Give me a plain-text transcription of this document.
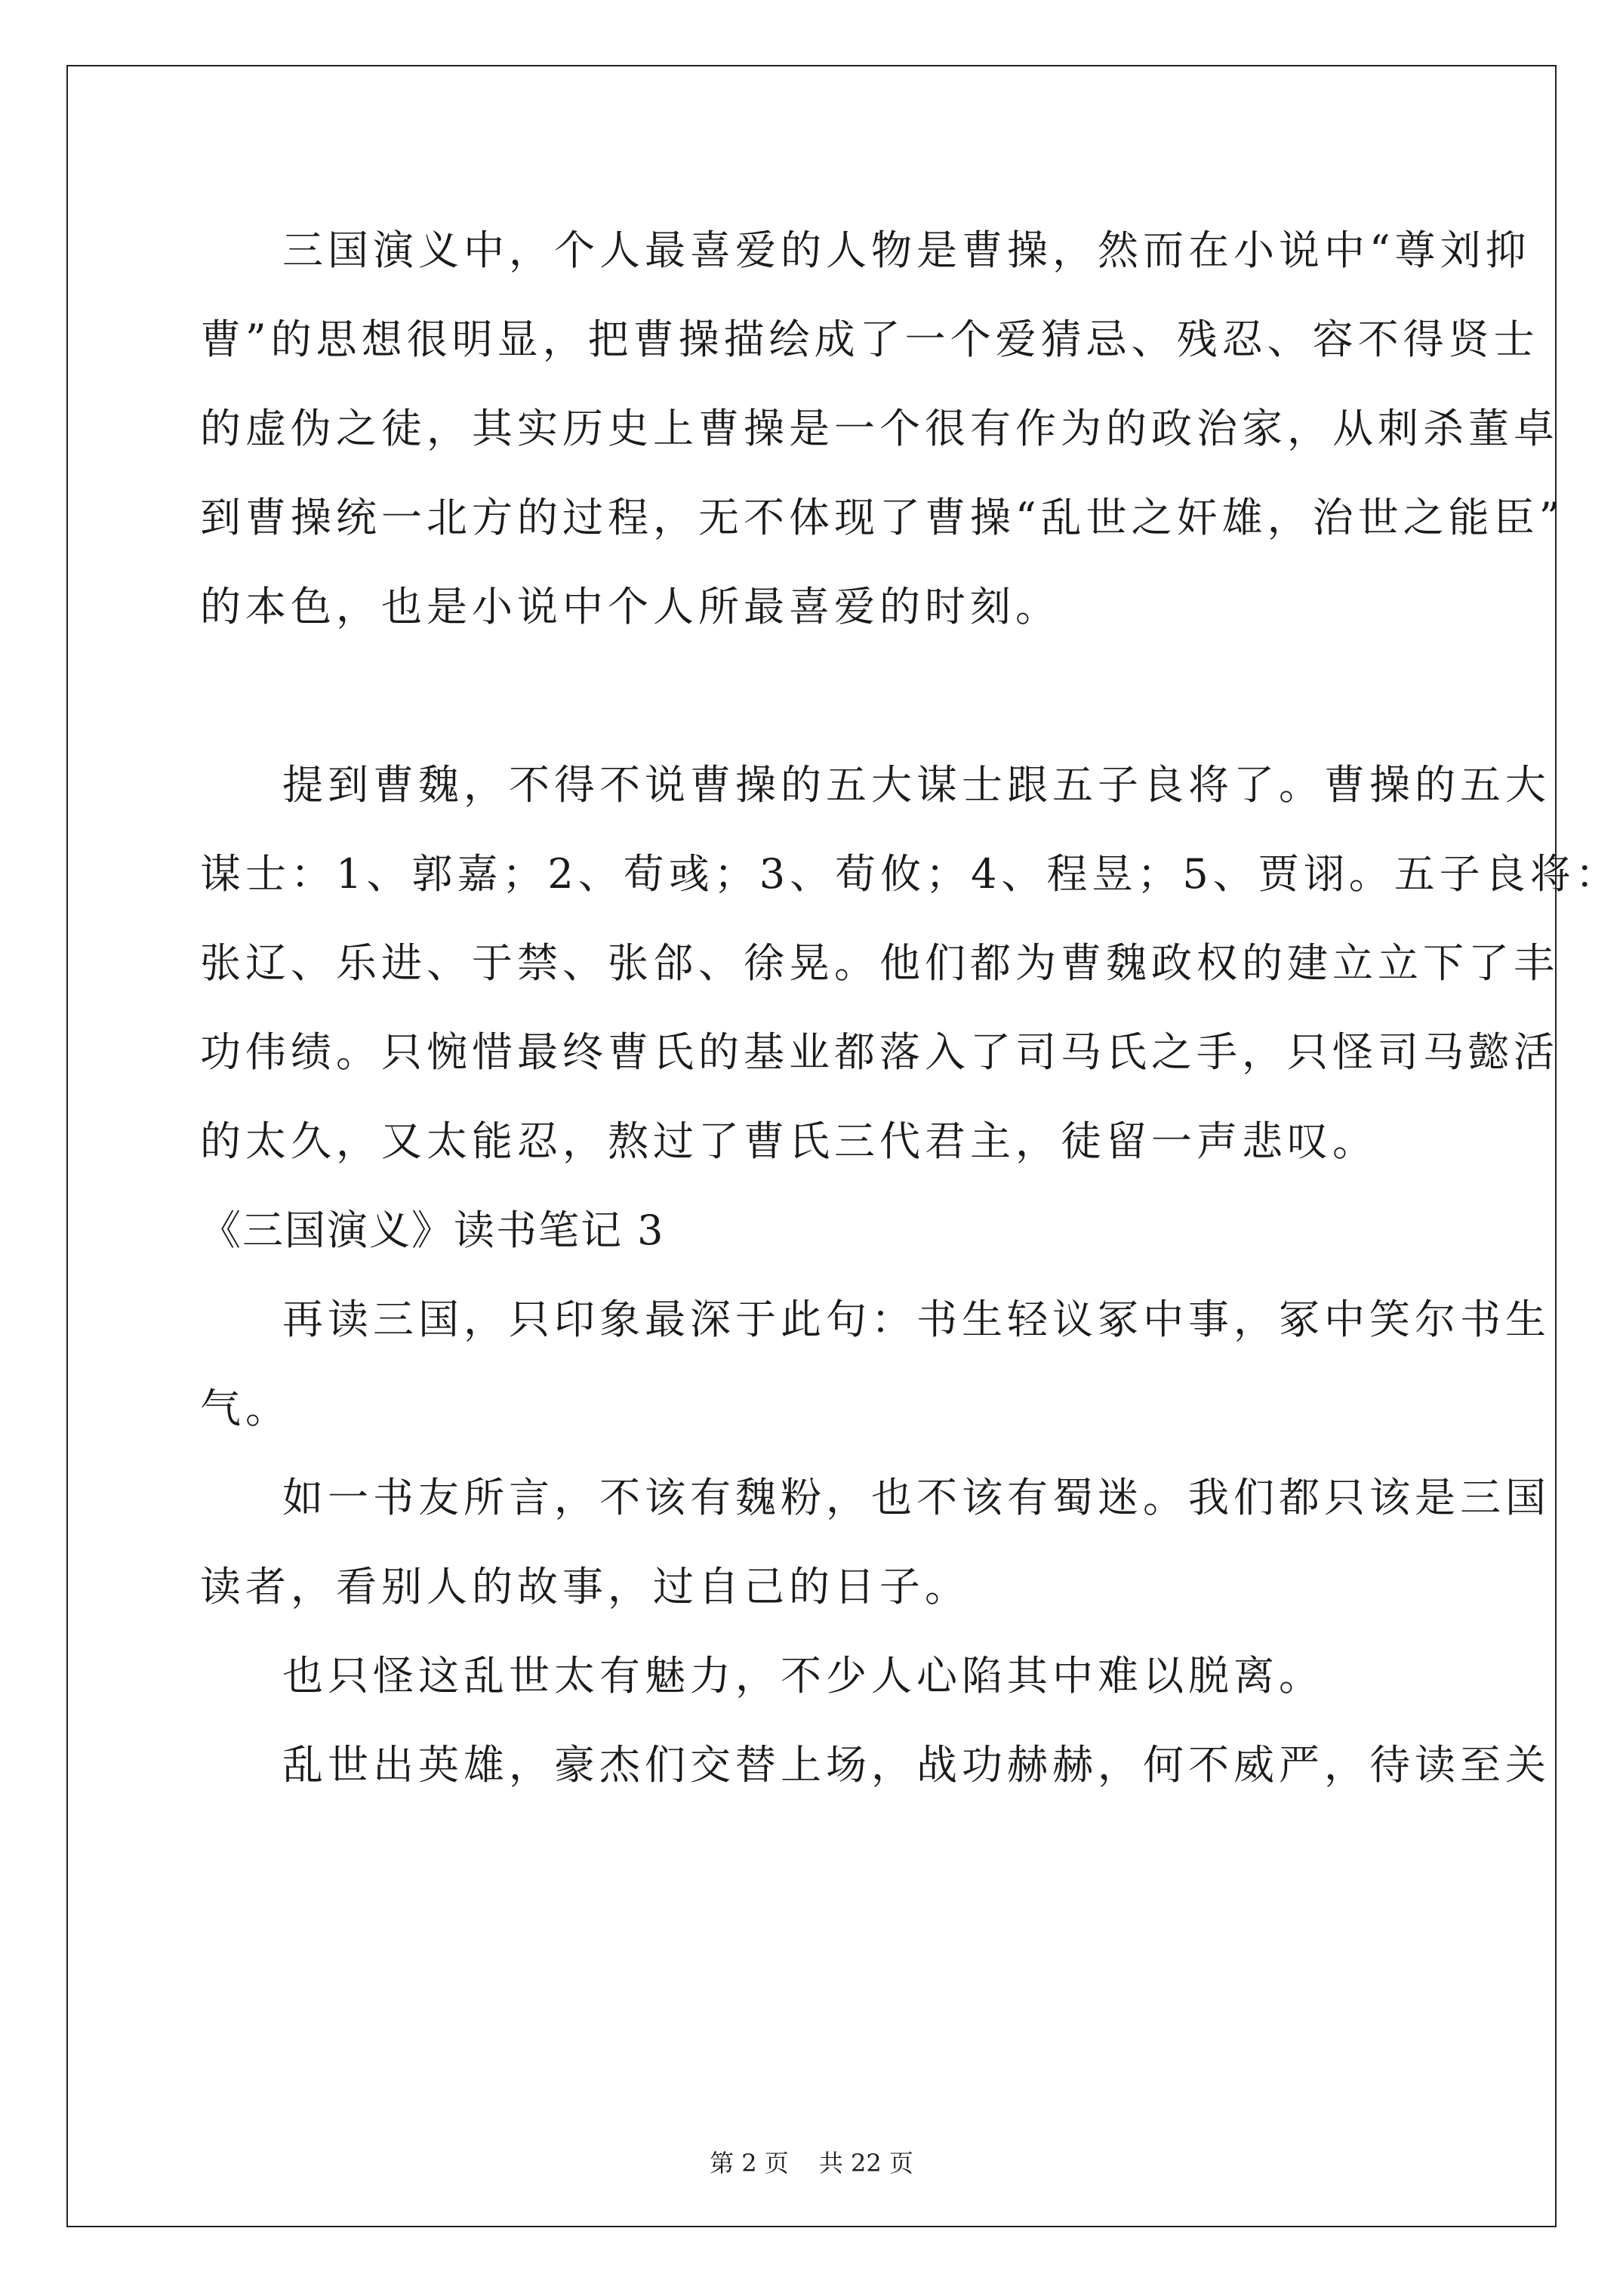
三国演义中，个人最喜爱的人物是曹操，然而在小说中“尊刘抑
曹”的思想很明显，把曹操描绘成了一个爱猜忌、残忍、容不得贤士
的虚伪之徒，其实历史上曹操是一个很有作为的政治家，从刺杀董卓
到曹操统一北方的过程，无不体现了曹操“乱世之奸雄，治世之能臣”
的本色，也是小说中个人所最喜爱的时刻。
提到曹魏，不得不说曹操的五大谋士跟五子良将了。曹操的五大
谋士：1、郭嘉；2、荀彧；3、荀攸；4、程昱；5、贾诩。五子良将：
张辽、乐进、于禁、张郃、徐晃。他们都为曹魏政权的建立立下了丰
功伟绩。只惋惜最终曹氏的基业都落入了司马氏之手，只怪司马懿活
的太久，又太能忍，熬过了曹氏三代君主，徒留一声悲叹。
《三国演义》读书笔记 3
再读三国，只印象最深于此句：书生轻议冢中事，冢中笑尔书生
气。
如一书友所言，不该有魏粉，也不该有蜀迷。我们都只该是三国
读者，看别人的故事，过自己的日子。
也只怪这乱世太有魅力，不少人心陷其中难以脱离。
乱世出英雄，豪杰们交替上场，战功赫赫，何不威严，待读至关
第 2 页 共 22 页
